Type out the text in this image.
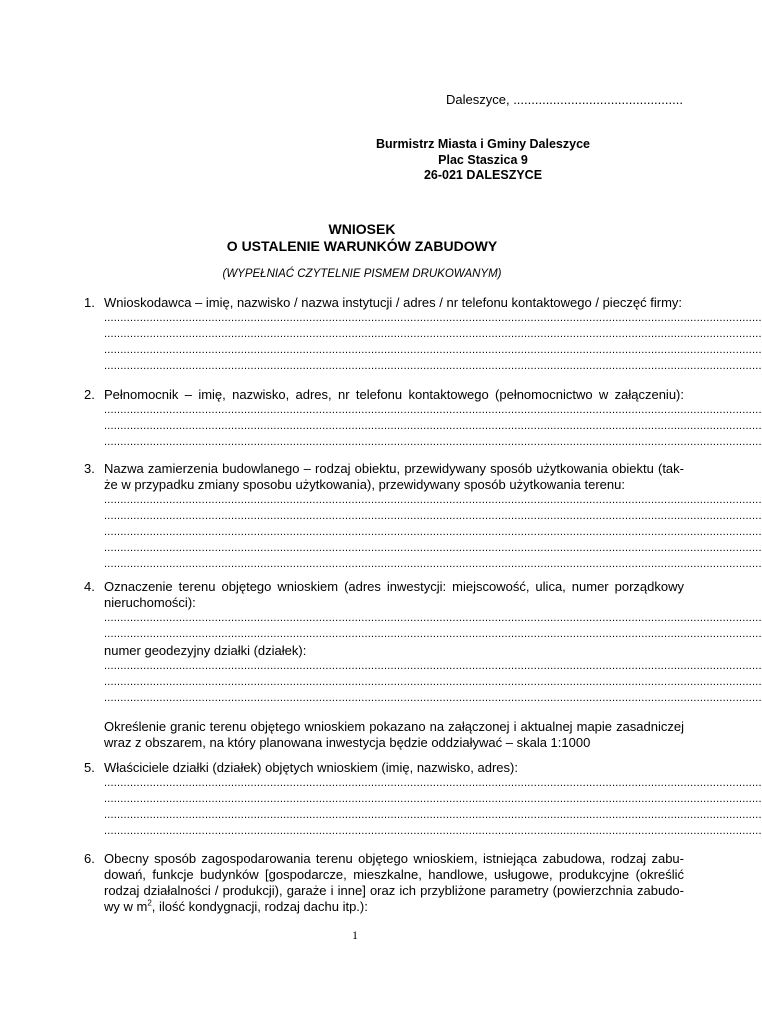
Daleszyce, ...............................................
Burmistrz Miasta i Gminy Daleszyce
Plac Staszica 9
26-021 DALESZYCE
WNIOSEK
O USTALENIE WARUNKÓW ZABUDOWY
(WYPEŁNIAĆ CZYTELNIE PISMEM DRUKOWANYM)
1. Wnioskodawca – imię, nazwisko / nazwa instytucji / adres / nr telefonu kontaktowego / pieczęć firmy:
..........................................................................................................................................................................................................
..........................................................................................................................................................................................................
..........................................................................................................................................................................................................
..........................................................................................................................................................................................................
2. Pełnomocnik – imię, nazwisko, adres, nr telefonu kontaktowego (pełnomocnictwo w załączeniu):
..........................................................................................................................................................................................................
..........................................................................................................................................................................................................
..........................................................................................................................................................................................................
3. Nazwa zamierzenia budowlanego – rodzaj obiektu, przewidywany sposób użytkowania obiektu (tak-
że w przypadku zmiany sposobu użytkowania), przewidywany sposób użytkowania terenu:
..........................................................................................................................................................................................................
..........................................................................................................................................................................................................
..........................................................................................................................................................................................................
..........................................................................................................................................................................................................
..........................................................................................................................................................................................................
4. Oznaczenie terenu objętego wnioskiem (adres inwestycji: miejscowość, ulica, numer porządkowy
nieruchomości):
..........................................................................................................................................................................................................
..........................................................................................................................................................................................................
numer geodezyjny działki (działek):
..........................................................................................................................................................................................................
..........................................................................................................................................................................................................
..........................................................................................................................................................................................................
Określenie granic terenu objętego wnioskiem pokazano na załączonej i aktualnej mapie zasadniczej
wraz z obszarem, na który planowana inwestycja będzie oddziaływać – skala 1:1000
5. Właściciele działki (działek) objętych wnioskiem (imię, nazwisko, adres):
..........................................................................................................................................................................................................
..........................................................................................................................................................................................................
..........................................................................................................................................................................................................
..........................................................................................................................................................................................................
6. Obecny sposób zagospodarowania terenu objętego wnioskiem, istniejąca zabudowa, rodzaj zabu-
dowań, funkcje budynków [gospodarcze, mieszkalne, handlowe, usługowe, produkcyjne (określić
rodzaj działalności / produkcji), garaże i inne] oraz ich przybliżone parametry (powierzchnia zabudo-
wy w $m^2$, ilość kondygnacji, rodzaj dachu itp.):
1
